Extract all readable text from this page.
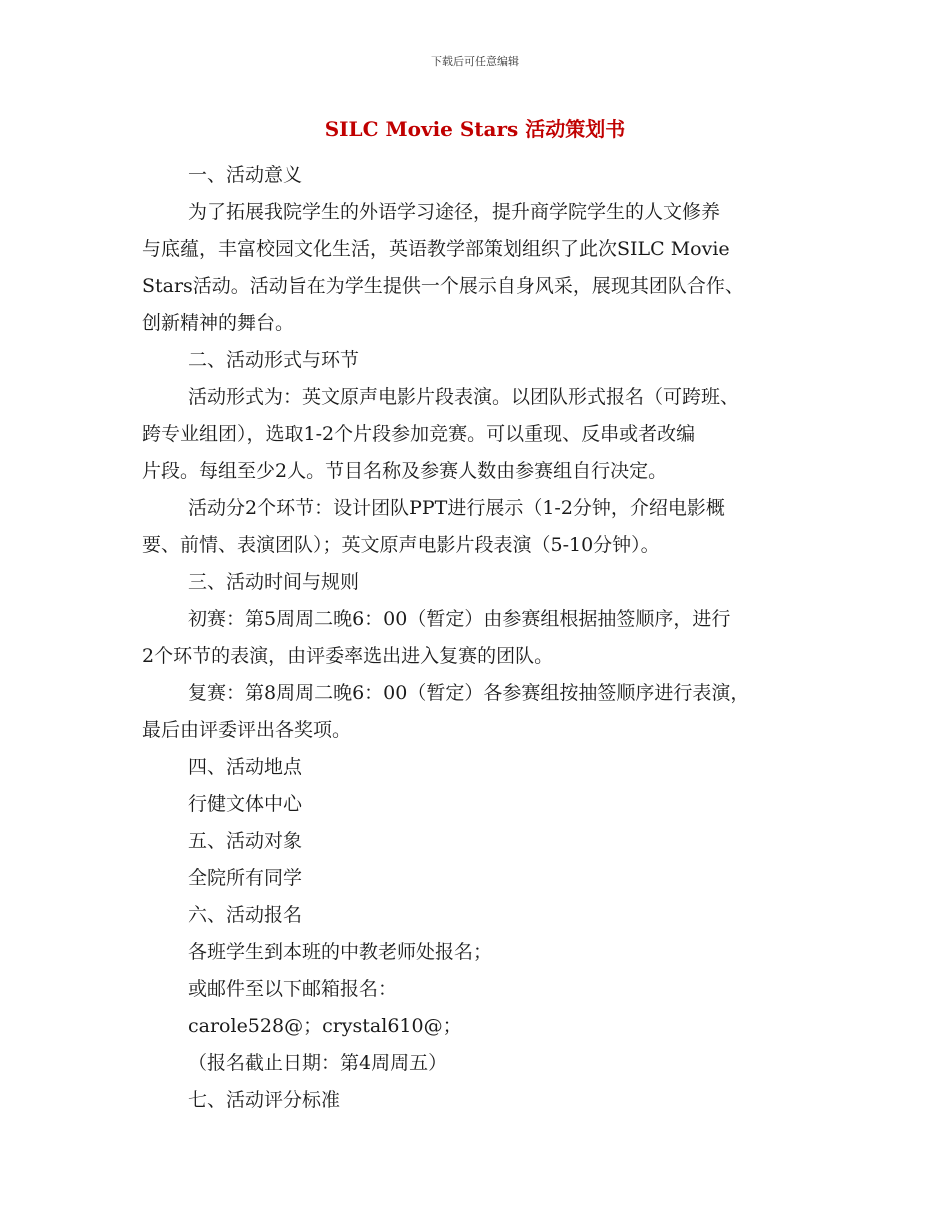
下载后可任意编辑
SILC Movie Stars 活动策划书
一、活动意义
为了拓展我院学生的外语学习途径，提升商学院学生的人文修养
与底蕴，丰富校园文化生活，英语教学部策划组织了此次SILC Movie
Stars活动。活动旨在为学生提供一个展示自身风采，展现其团队合作、
创新精神的舞台。
二、活动形式与环节
活动形式为：英文原声电影片段表演。以团队形式报名（可跨班、
跨专业组团），选取1-2个片段参加竞赛。可以重现、反串或者改编
片段。每组至少2人。节目名称及参赛人数由参赛组自行决定。
活动分2个环节：设计团队PPT进行展示（1-2分钟，介绍电影概
要、前情、表演团队）；英文原声电影片段表演（5-10分钟）。
三、活动时间与规则
初赛：第5周周二晚6：00（暂定）由参赛组根据抽签顺序，进行
2个环节的表演，由评委率选出进入复赛的团队。
复赛：第8周周二晚6：00（暂定）各参赛组按抽签顺序进行表演，
最后由评委评出各奖项。
四、活动地点
行健文体中心
五、活动对象
全院所有同学
六、活动报名
各班学生到本班的中教老师处报名；
或邮件至以下邮箱报名：
carole528@；crystal610@；
（报名截止日期：第4周周五）
七、活动评分标准
